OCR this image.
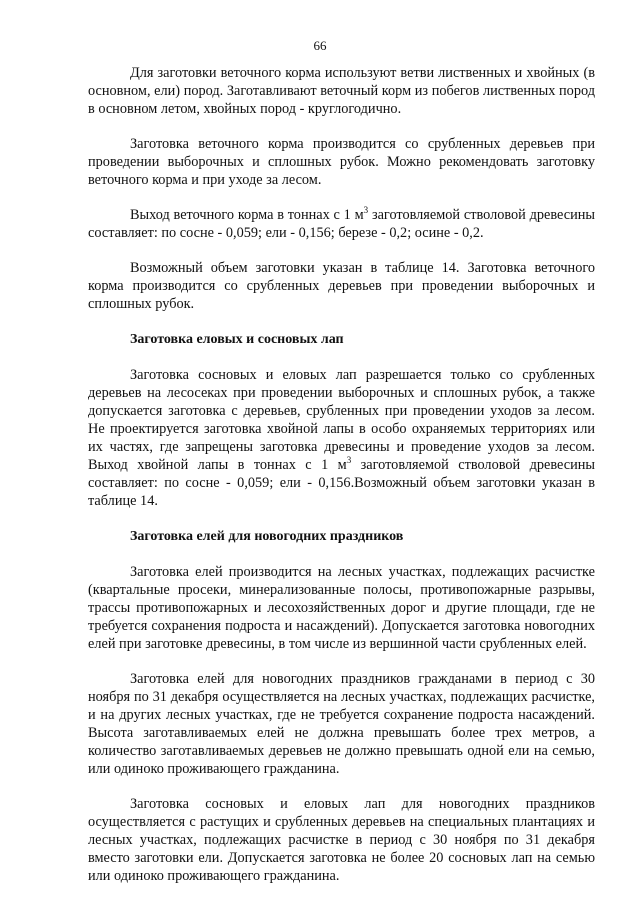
66

Для заготовки веточного корма используют ветви лиственных и хвойных (в основном, ели) пород. Заготавливают веточный корм из побегов лиственных пород в основном летом, хвойных пород - круглогодично.

Заготовка веточного корма производится со срубленных деревьев при проведении выборочных и сплошных рубок. Можно рекомендовать заготовку веточного корма и при уходе за лесом.

Выход веточного корма в тоннах с 1 $м^3$ заготовляемой стволовой древесины составляет: по сосне - 0,059; ели - 0,156; березе - 0,2; осине - 0,2.

Возможный объем заготовки указан в таблице 14. Заготовка веточного корма производится со срубленных деревьев при проведении выборочных и сплошных рубок.

Заготовка еловых и сосновых лап

Заготовка сосновых и еловых лап разрешается только со срубленных деревьев на лесосеках при проведении выборочных и сплошных рубок, а также допускается заготовка с деревьев, срубленных при проведении уходов за лесом. Не проектируется заготовка хвойной лапы в особо охраняемых территориях или их частях, где запрещены заготовка древесины и проведение уходов за лесом. Выход хвойной лапы в тоннах с 1 $м^3$ заготовляемой стволовой древесины составляет: по сосне - 0,059; ели - 0,156.Возможный объем заготовки указан в таблице 14.

Заготовка елей для новогодних праздников

Заготовка елей производится на лесных участках, подлежащих расчистке (квартальные просеки, минерализованные полосы, противопожарные разрывы, трассы противопожарных и лесохозяйственных дорог и другие площади, где не требуется сохранения подроста и насаждений). Допускается заготовка новогодних елей при заготовке древесины, в том числе из вершинной части срубленных елей.

Заготовка елей для новогодних праздников гражданами в период с 30 ноября по 31 декабря осуществляется на лесных участках, подлежащих расчистке, и на других лесных участках, где не требуется сохранение подроста насаждений. Высота заготавливаемых елей не должна превышать более трех метров, а количество заготавливаемых деревьев не должно превышать одной ели на семью, или одиноко проживающего гражданина.

Заготовка сосновых и еловых лап для новогодних праздников осуществляется с растущих и срубленных деревьев на специальных плантациях и лесных участках, подлежащих расчистке в период с 30 ноября по 31 декабря вместо заготовки ели. Допускается заготовка не более 20 сосновых лап на семью или одиноко проживающего гражданина.
